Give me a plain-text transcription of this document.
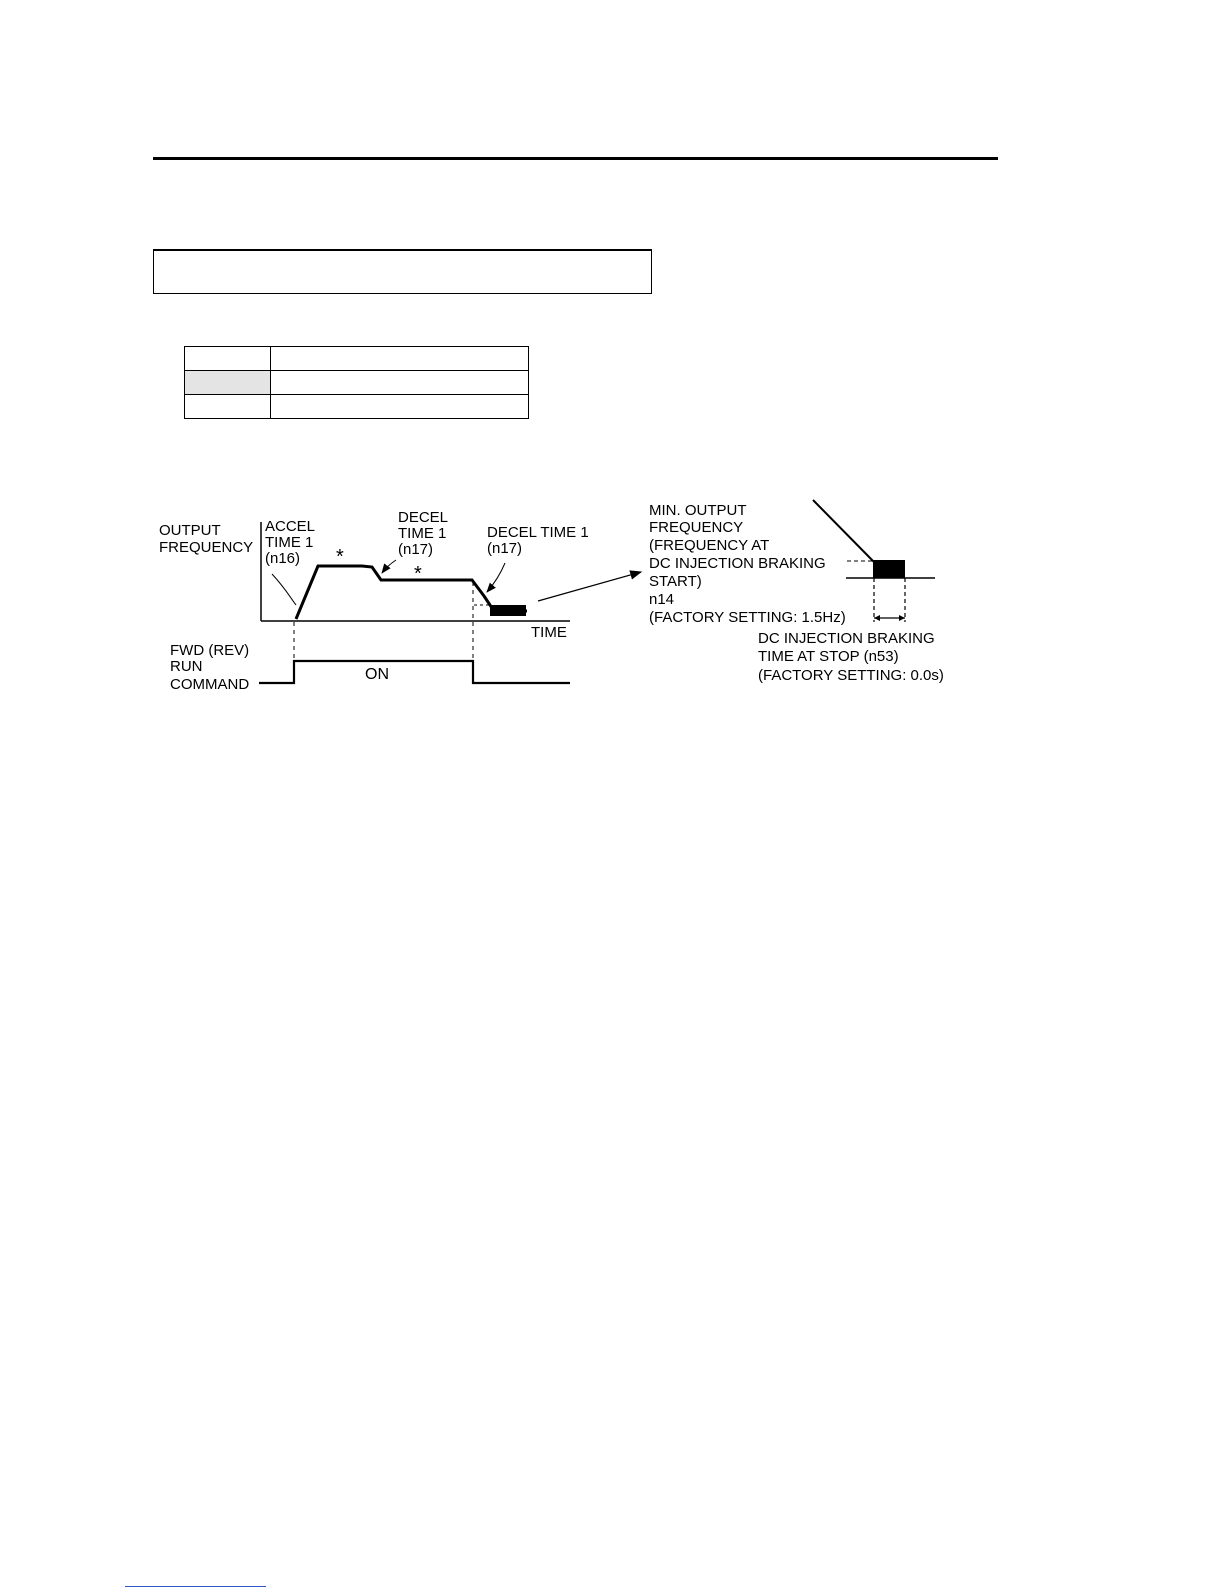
OUTPUT
FREQUENCY
TIME
ACCEL
TIME 1
(n16) *
*
DECEL
TIME 1
(n17)
DECEL TIME 1
(n17)
FWD (REV)
RUN
COMMAND
ON
MIN. OUTPUT
FREQUENCY
(FREQUENCY AT
DC INJECTION BRAKING
START)
n14
(FACTORY SETTING: 1.5Hz)
DC INJECTION BRAKING
TIME AT STOP (n53)
(FACTORY SETTING: 0.0s)
